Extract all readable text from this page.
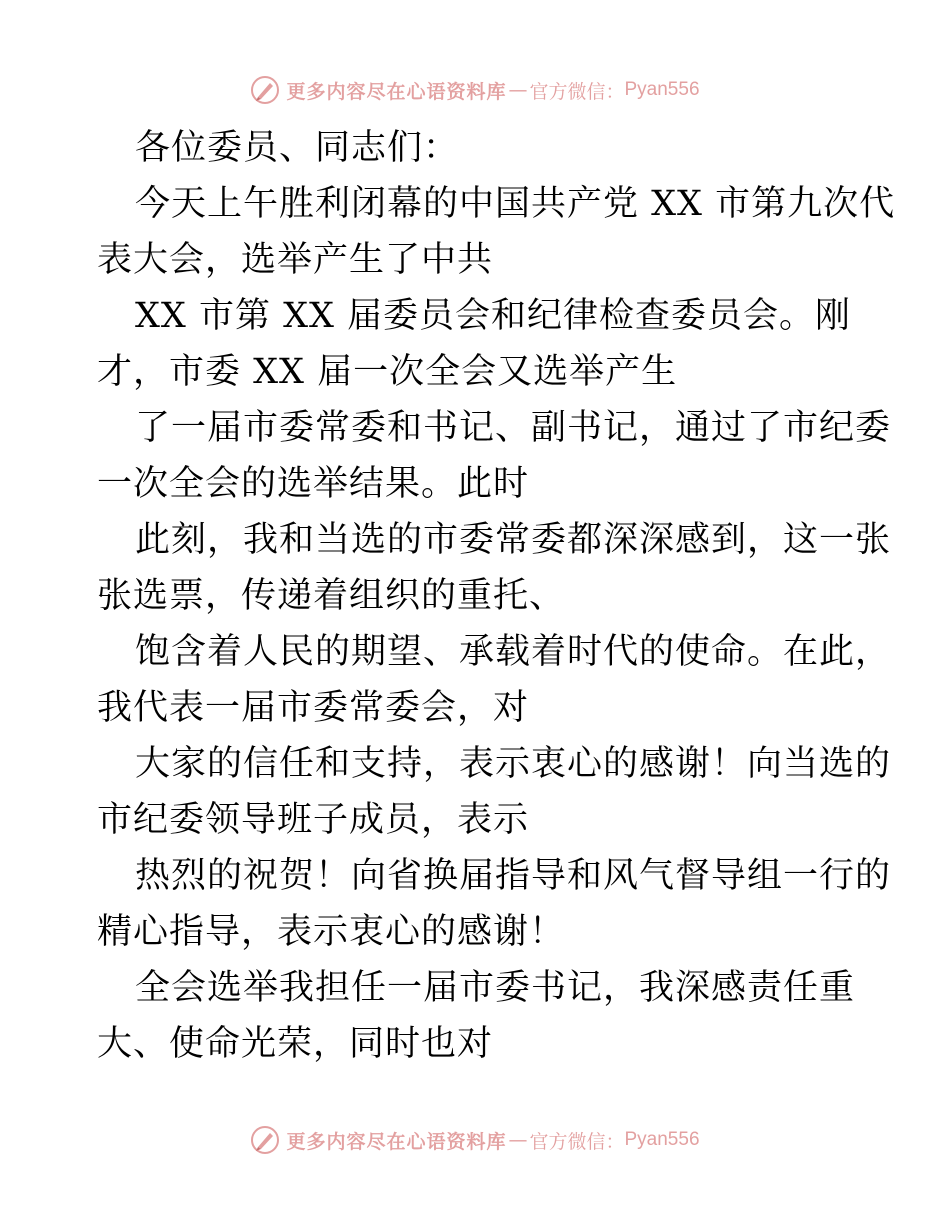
更多内容尽在心语资料库 — 官方微信： Pyan556
各位委员、同志们：
今天上午胜利闭幕的中国共产党 XX 市第九次代
表大会，选举产生了中共
XX 市第 XX 届委员会和纪律检查委员会。刚
才，市委 XX 届一次全会又选举产生
了一届市委常委和书记、副书记，通过了市纪委
一次全会的选举结果。此时
此刻，我和当选的市委常委都深深感到，这一张
张选票，传递着组织的重托、
饱含着人民的期望、承载着时代的使命。在此，
我代表一届市委常委会，对
大家的信任和支持，表示衷心的感谢！向当选的
市纪委领导班子成员，表示
热烈的祝贺！向省换届指导和风气督导组一行的
精心指导，表示衷心的感谢！
全会选举我担任一届市委书记，我深感责任重
大、使命光荣，同时也对
更多内容尽在心语资料库 — 官方微信： Pyan556
